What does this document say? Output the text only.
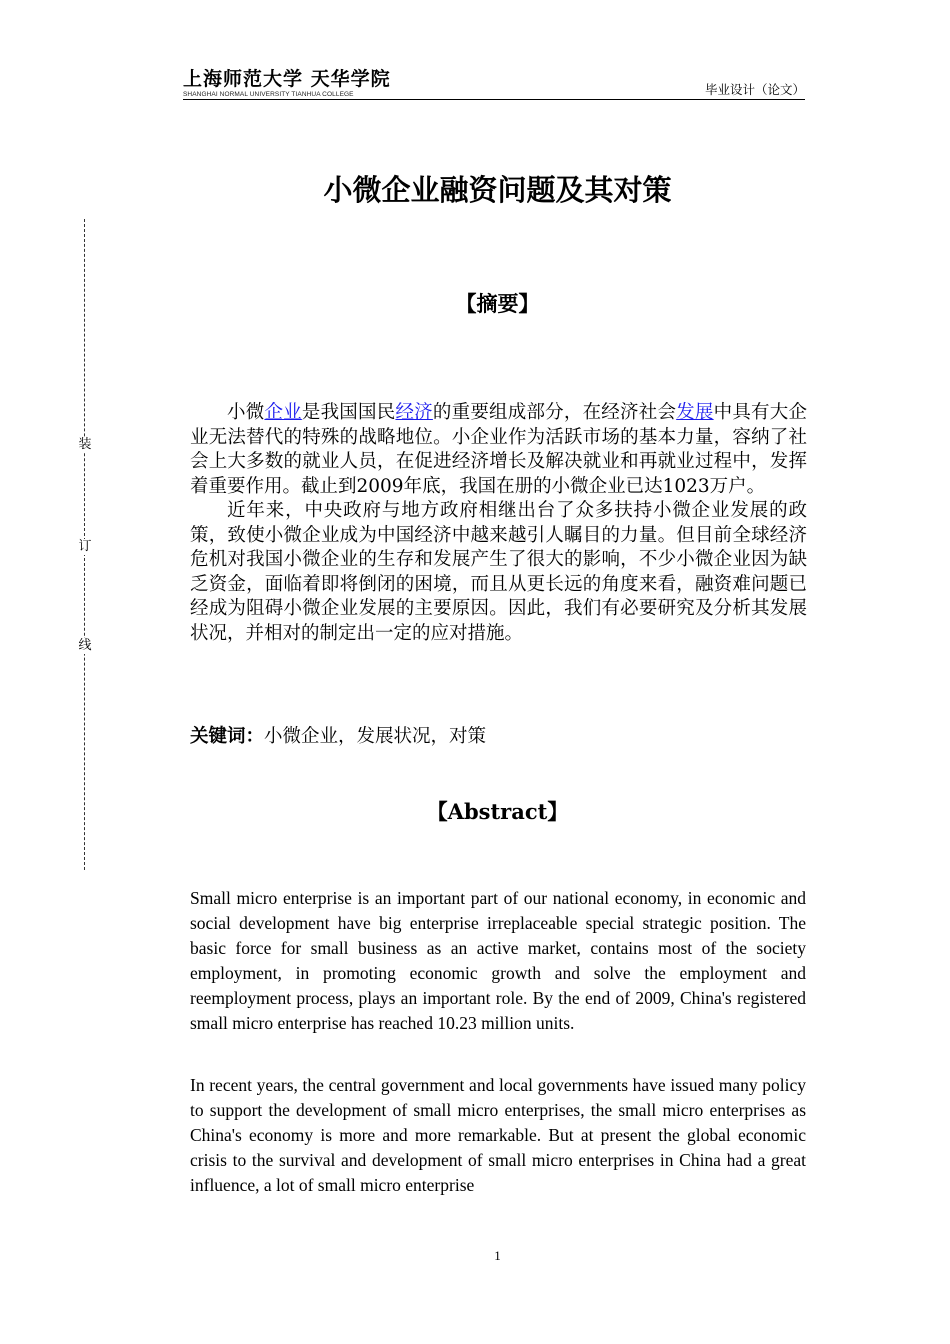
上海师范大学 天华学院
SHANGHAI NORMAL UNIVERSITY TIANHUA COLLEGE	毕业设计（论文）
装
订
线
小微企业融资问题及其对策
【摘要】

小微企业是我国国民经济的重要组成部分，在经济社会发展中具有大企业无法替代的特殊的战略地位。小企业作为活跃市场的基本力量，容纳了社会上大多数的就业人员，在促进经济增长及解决就业和再就业过程中，发挥着重要作用。截止到2009年底，我国在册的小微企业已达1023万户。

近年来，中央政府与地方政府相继出台了众多扶持小微企业发展的政策，致使小微企业成为中国经济中越来越引人瞩目的力量。但目前全球经济危机对我国小微企业的生存和发展产生了很大的影响，不少小微企业因为缺乏资金，面临着即将倒闭的困境，而且从更长远的角度来看，融资难问题已经成为阻碍小微企业发展的主要原因。因此，我们有必要研究及分析其发展状况，并相对的制定出一定的应对措施。

关键词：小微企业，发展状况，对策
【Abstract】

Small micro enterprise is an important part of our national economy, in economic and social development have big enterprise irreplaceable special strategic position. The basic force for small business as an active market, contains most of the society employment, in promoting economic growth and solve the employment and reemployment process, plays an important role. By the end of 2009, China's registered small micro enterprise has reached 10.23 million units.

In recent years, the central government and local governments have issued many policy to support the development of small micro enterprises, the small micro enterprises as China's economy is more and more remarkable. But at present the global economic crisis to the survival and development of small micro enterprises in China had a great influence, a lot of small micro enterprise

1
